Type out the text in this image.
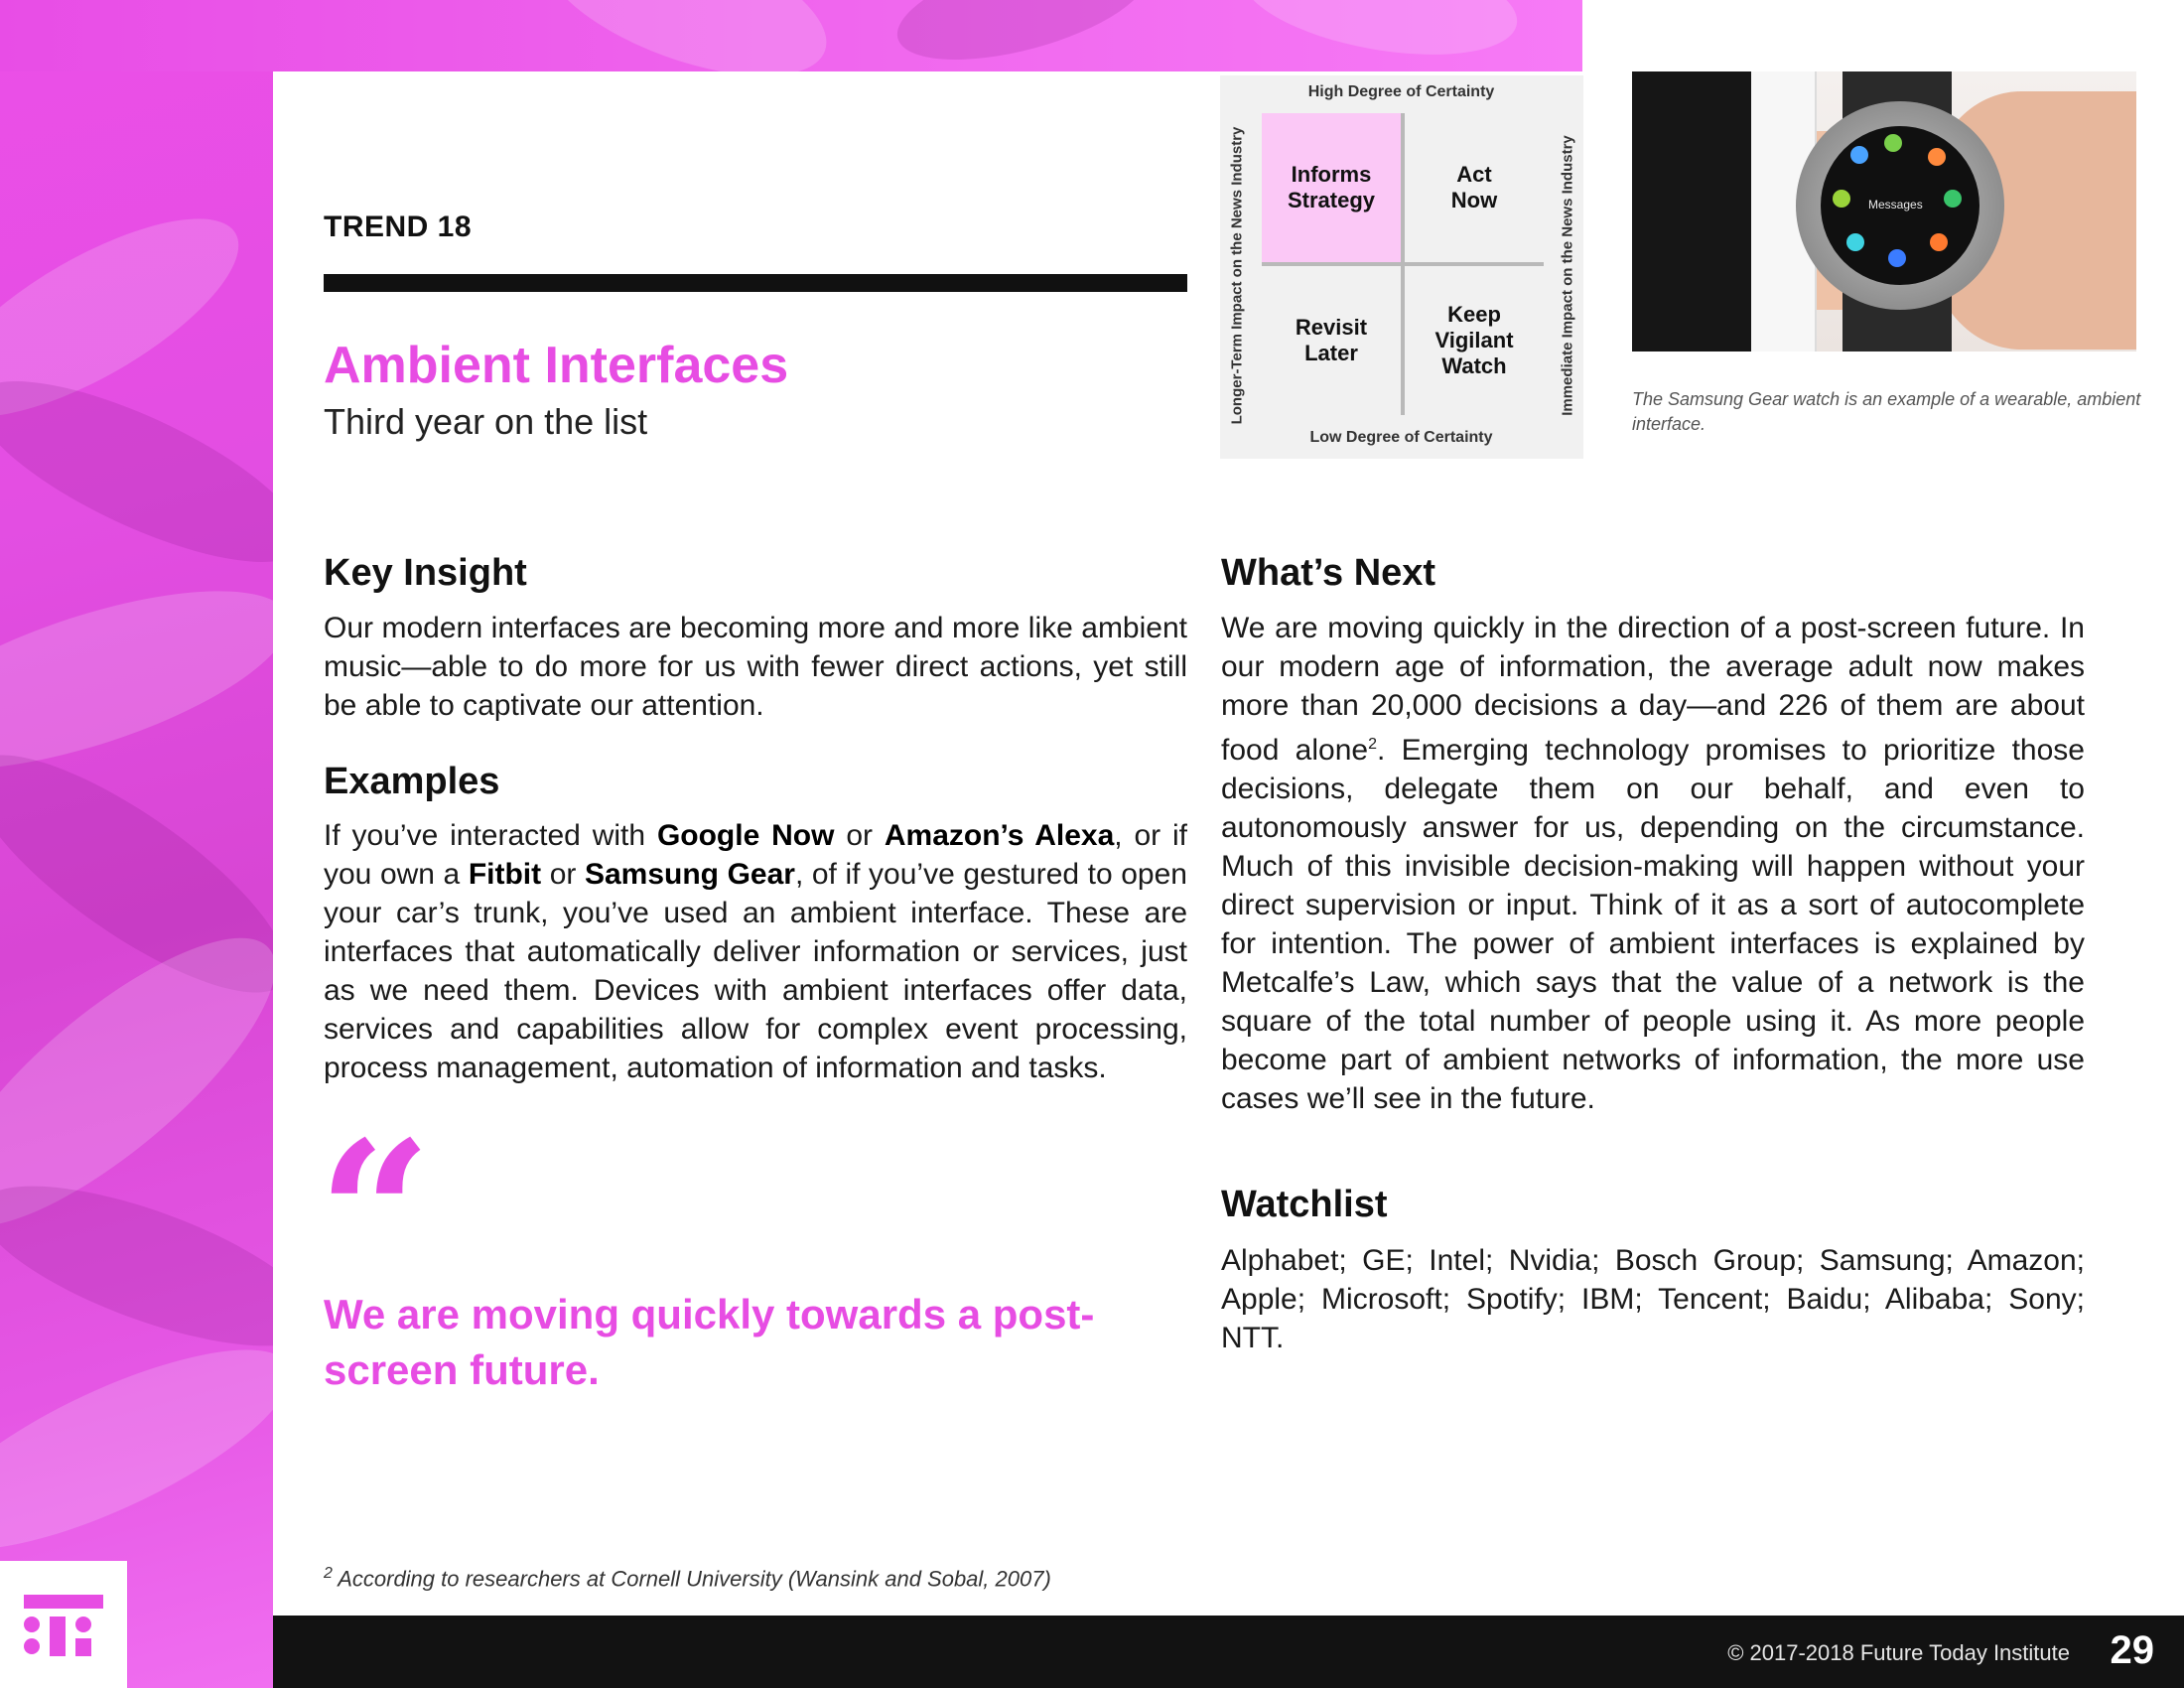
TREND 18
Ambient Interfaces
Third year on the list
High Degree of Certainty
Longer-Term Impact on the News Industry	Immediate Impact on the News Industry
Informs Strategy
Act Now
Revisit Later
Keep Vigilant Watch
Low Degree of Certainty
Messages
The Samsung Gear watch is an example of a wearable, ambient interface.
Key Insight

Our modern interfaces are becoming more and more like ambient music—able to do more for us with fewer direct actions, yet still be able to captivate our attention.

Examples

If you’ve interacted with Google Now or Amazon’s Alexa, or if you own a Fitbit or Samsung Gear, of if you’ve gestured to open your car’s trunk, you’ve used an ambient interface. These are interfaces that automatically deliver information or services, just as we need them. Devices with ambient interfaces offer data, services and capabilities allow for complex event processing, process management, automation of information and tasks.

“
We are moving quickly towards a post-screen future.
What’s Next

We are moving quickly in the direction of a post-screen future. In our modern age of information, the average adult now makes more than 20,000 decisions a day—and 226 of them are about food alone$^2$. Emerging technology promises to prioritize those decisions, delegate them on our behalf, and even to autonomously answer for us, depending on the circumstance. Much of this invisible decision-making will happen without your direct supervision or input. Think of it as a sort of autocomplete for intention. The power of ambient interfaces is explained by Metcalfe’s Law, which says that the value of a network is the square of the total number of people using it. As more people become part of ambient networks of information, the more use cases we’ll see in the future.

Watchlist

Alphabet; GE; Intel; Nvidia; Bosch Group; Samsung; Amazon; Apple; Microsoft; Spotify; IBM; Tencent; Baidu; Alibaba; Sony; NTT.

$^2$ According to researchers at Cornell University (Wansink and Sobal, 2007)
© 2017-2018 Future Today Institute 29
